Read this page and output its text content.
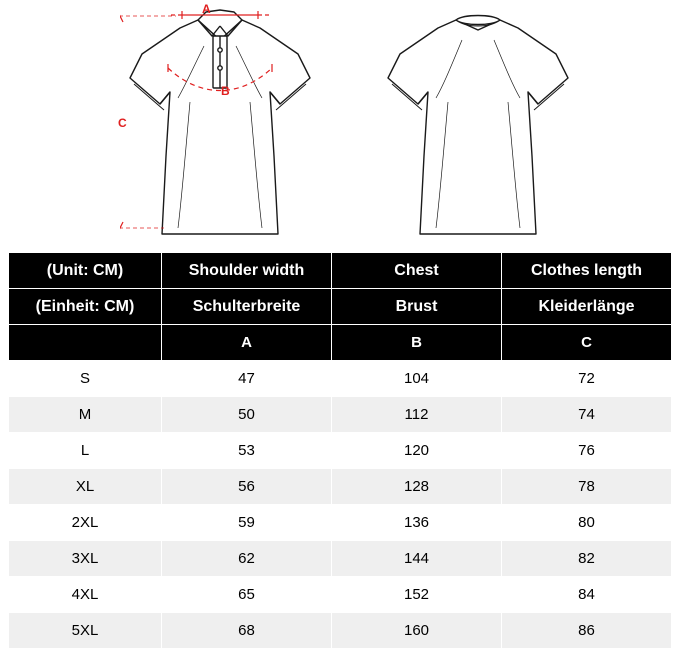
A
B
C
(Unit: CM)	Shoulder width	Chest	Clothes length
(Einheit: CM)	Schulterbreite	Brust	Kleiderlänge
	A	B	C
S	47	104	72
M	50	112	74
L	53	120	76
XL	56	128	78
2XL	59	136	80
3XL	62	144	82
4XL	65	152	84
5XL	68	160	86
